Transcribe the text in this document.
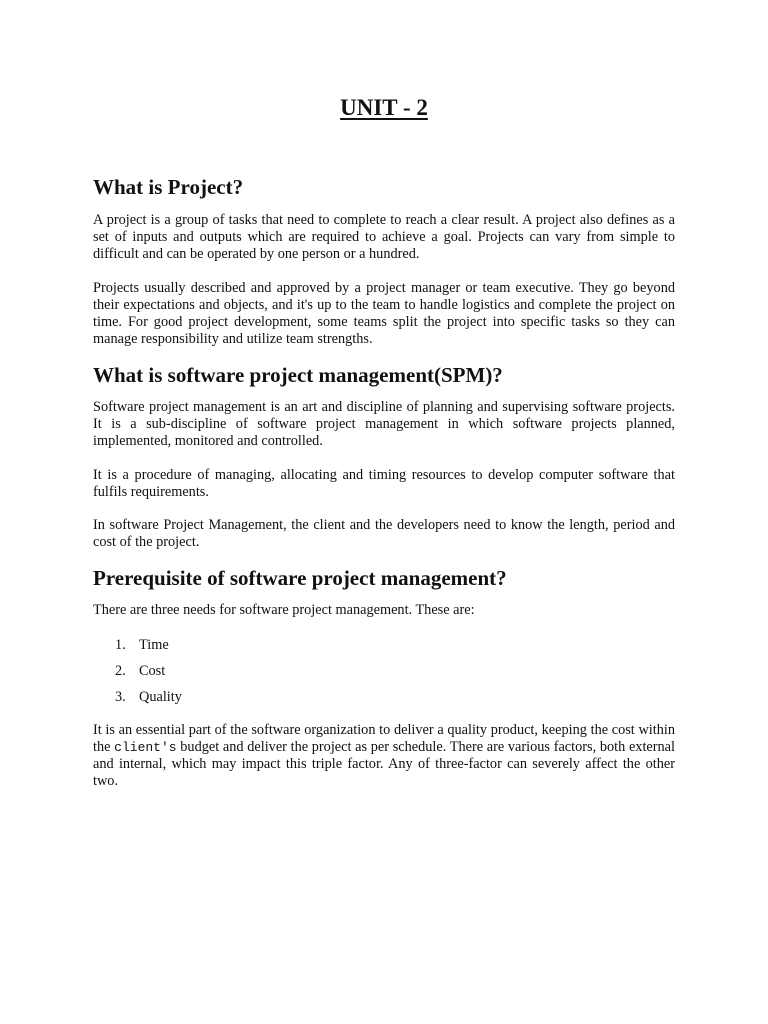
UNIT - 2
What is Project?

A project is a group of tasks that need to complete to reach a clear result. A project also defines as a set of inputs and outputs which are required to achieve a goal. Projects can vary from simple to difficult and can be operated by one person or a hundred.

Projects usually described and approved by a project manager or team executive. They go beyond their expectations and objects, and it's up to the team to handle logistics and complete the project on time. For good project development, some teams split the project into specific tasks so they can manage responsibility and utilize team strengths.

What is software project management(SPM)?

Software project management is an art and discipline of planning and supervising software projects. It is a sub-discipline of software project management in which software projects planned, implemented, monitored and controlled.

It is a procedure of managing, allocating and timing resources to develop computer software that fulfils requirements.

In software Project Management, the client and the developers need to know the length, period and cost of the project.

Prerequisite of software project management?

There are three needs for software project management. These are:

1. Time
2. Cost
3. Quality

It is an essential part of the software organization to deliver a quality product, keeping the cost within the client's budget and deliver the project as per schedule. There are various factors, both external and internal, which may impact this triple factor. Any of three-factor can severely affect the other two.
